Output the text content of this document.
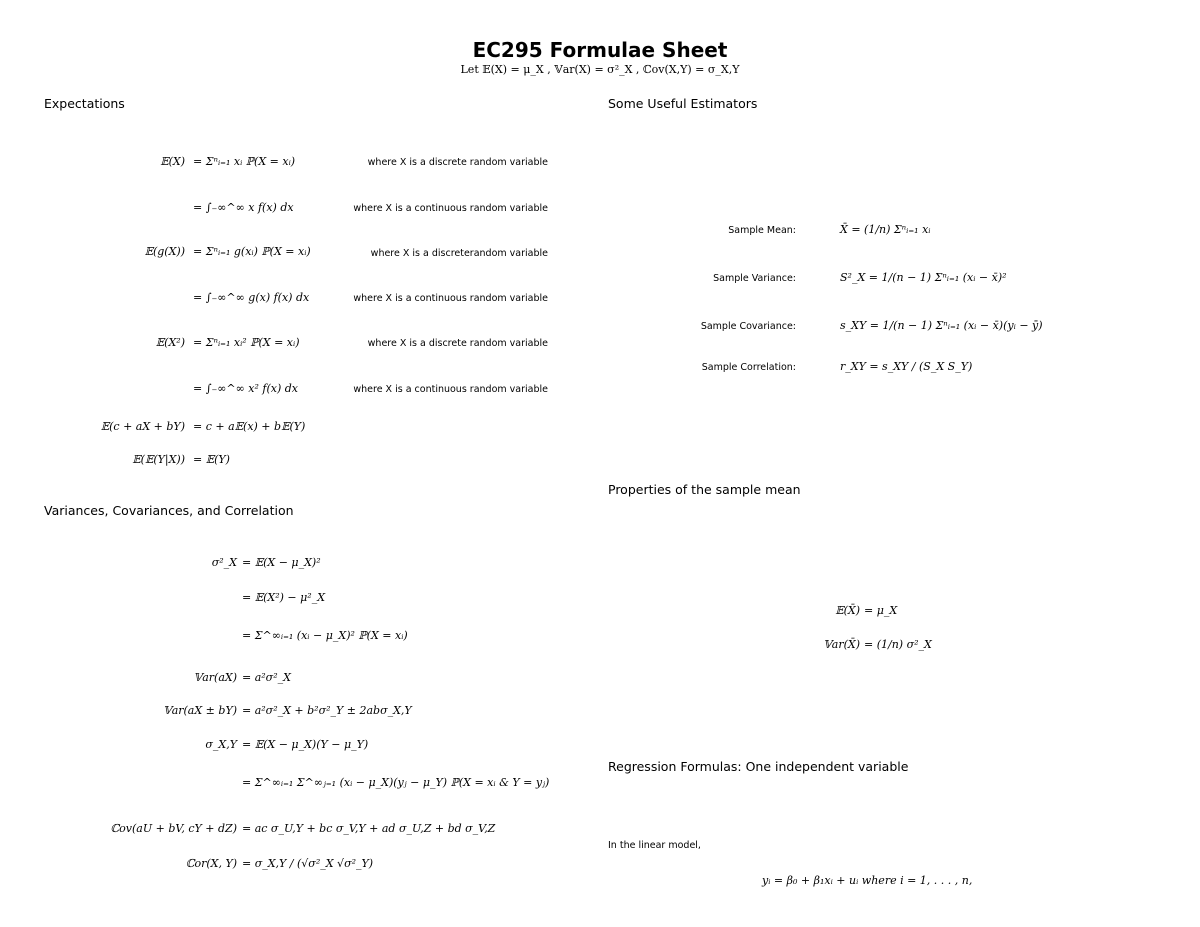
EC295 Formulae Sheet
Let 𝔼(X) = μ_X , 𝕍ar(X) = σ²_X , ℂov(X,Y) = σ_X,Y
Expectations
𝔼(X) = Σⁿᵢ₌₁ xᵢ ℙ(X = xᵢ)	where X is a discrete random variable
= ∫₋∞^∞ x f(x) dx	where X is a continuous random variable
𝔼(g(X)) = Σⁿᵢ₌₁ g(xᵢ) ℙ(X = xᵢ)	where X is a discreterandom variable
= ∫₋∞^∞ g(x) f(x) dx	where X is a continuous random variable
𝔼(X²) = Σⁿᵢ₌₁ xᵢ² ℙ(X = xᵢ)	where X is a discrete random variable
= ∫₋∞^∞ x² f(x) dx	where X is a continuous random variable
𝔼(c + aX + bY) = c + a𝔼(x) + b𝔼(Y)
𝔼(𝔼(Y|X)) = 𝔼(Y)
Variances, Covariances, and Correlation
σ²_X = 𝔼(X − μ_X)²
= 𝔼(X²) − μ²_X
= Σ^∞ᵢ₌₁ (xᵢ − μ_X)² ℙ(X = xᵢ)
𝕍ar(aX) = a²σ²_X
𝕍ar(aX ± bY) = a²σ²_X + b²σ²_Y ± 2abσ_X,Y
σ_X,Y = 𝔼(X − μ_X)(Y − μ_Y)
= Σ^∞ᵢ₌₁ Σ^∞ⱼ₌₁ (xᵢ − μ_X)(yⱼ − μ_Y) ℙ(X = xᵢ & Y = yⱼ)
ℂov(aU + bV, cY + dZ) = ac σ_U,Y + bc σ_V,Y + ad σ_U,Z + bd σ_V,Z
ℂor(X, Y) = σ_X,Y / (√σ²_X √σ²_Y)
Some Useful Estimators
Sample Mean:	X̄ = (1/n) Σⁿᵢ₌₁ xᵢ
Sample Variance:	S²_X = 1/(n − 1) Σⁿᵢ₌₁ (xᵢ − x̄)²
Sample Covariance:	s_XY = 1/(n − 1) Σⁿᵢ₌₁ (xᵢ − x̄)(yᵢ − ȳ)
Sample Correlation:	r_XY = s_XY / (S_X S_Y)
Properties of the sample mean
𝔼(X̄) = μ_X
𝕍ar(X̄) = (1/n) σ²_X
Regression Formulas: One independent variable
In the linear model,
yᵢ = β₀ + β₁xᵢ + uᵢ where i = 1, . . . , n,
